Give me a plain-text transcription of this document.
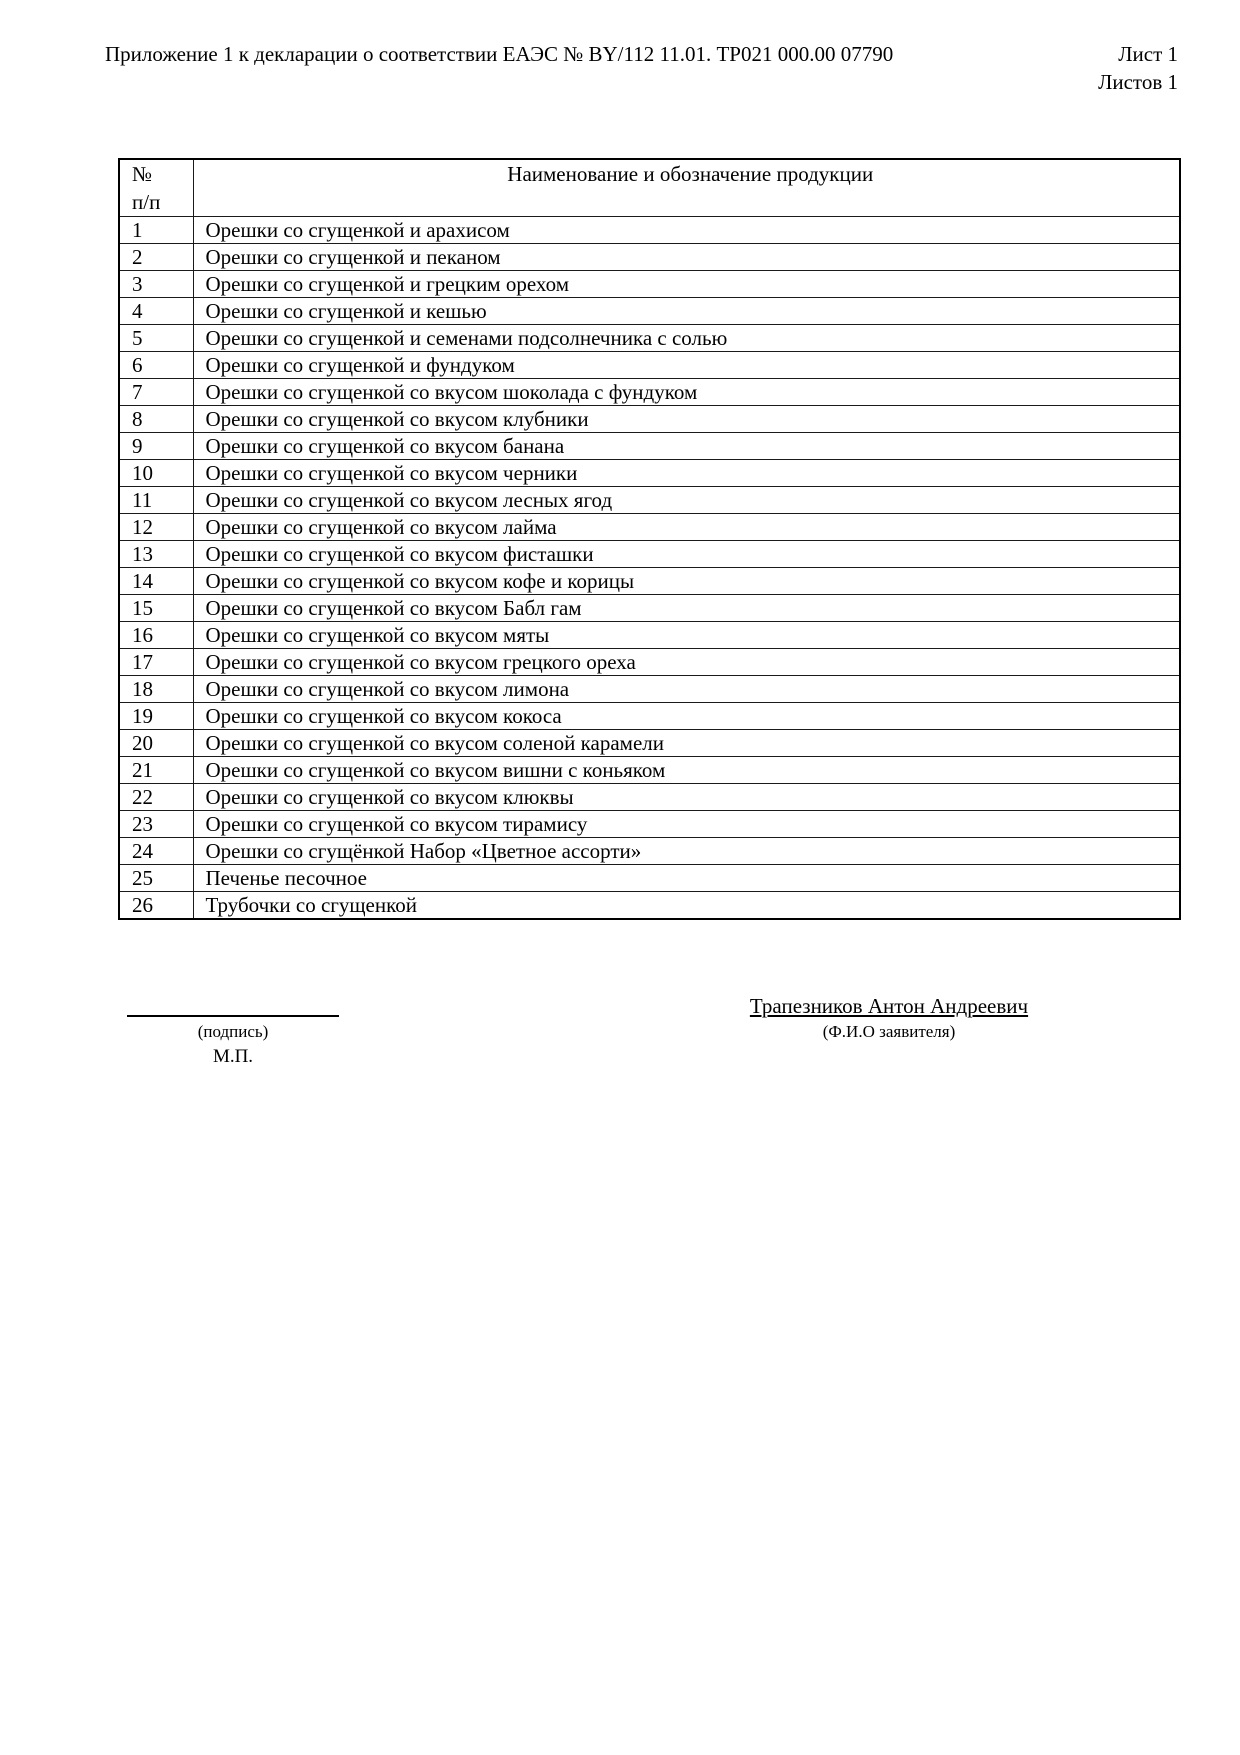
Приложение 1 к декларации о соответствии ЕАЭС № BY/112 11.01. ТР021 000.00 07790	Лист 1
Листов 1
№
п/п	Наименование и обозначение продукции
1	Орешки со сгущенкой и арахисом
2	Орешки со сгущенкой и пеканом
3	Орешки со сгущенкой и грецким орехом
4	Орешки со сгущенкой и кешью
5	Орешки со сгущенкой и семенами подсолнечника с солью
6	Орешки со сгущенкой и фундуком
7	Орешки со сгущенкой со вкусом шоколада с фундуком
8	Орешки со сгущенкой со вкусом клубники
9	Орешки со сгущенкой со вкусом банана
10	Орешки со сгущенкой со вкусом черники
11	Орешки со сгущенкой со вкусом лесных ягод
12	Орешки со сгущенкой со вкусом лайма
13	Орешки со сгущенкой со вкусом фисташки
14	Орешки со сгущенкой со вкусом кофе и корицы
15	Орешки со сгущенкой со вкусом Бабл гам
16	Орешки со сгущенкой со вкусом мяты
17	Орешки со сгущенкой со вкусом грецкого ореха
18	Орешки со сгущенкой со вкусом лимона
19	Орешки со сгущенкой со вкусом кокоса
20	Орешки со сгущенкой со вкусом соленой карамели
21	Орешки со сгущенкой со вкусом вишни с коньяком
22	Орешки со сгущенкой со вкусом клюквы
23	Орешки со сгущенкой со вкусом тирамису
24	Орешки со сгущёнкой Набор «Цветное ассорти»
25	Печенье песочное
26	Трубочки со сгущенкой
(подпись)
М.П.
Трапезников Антон Андреевич
(Ф.И.О заявителя)
